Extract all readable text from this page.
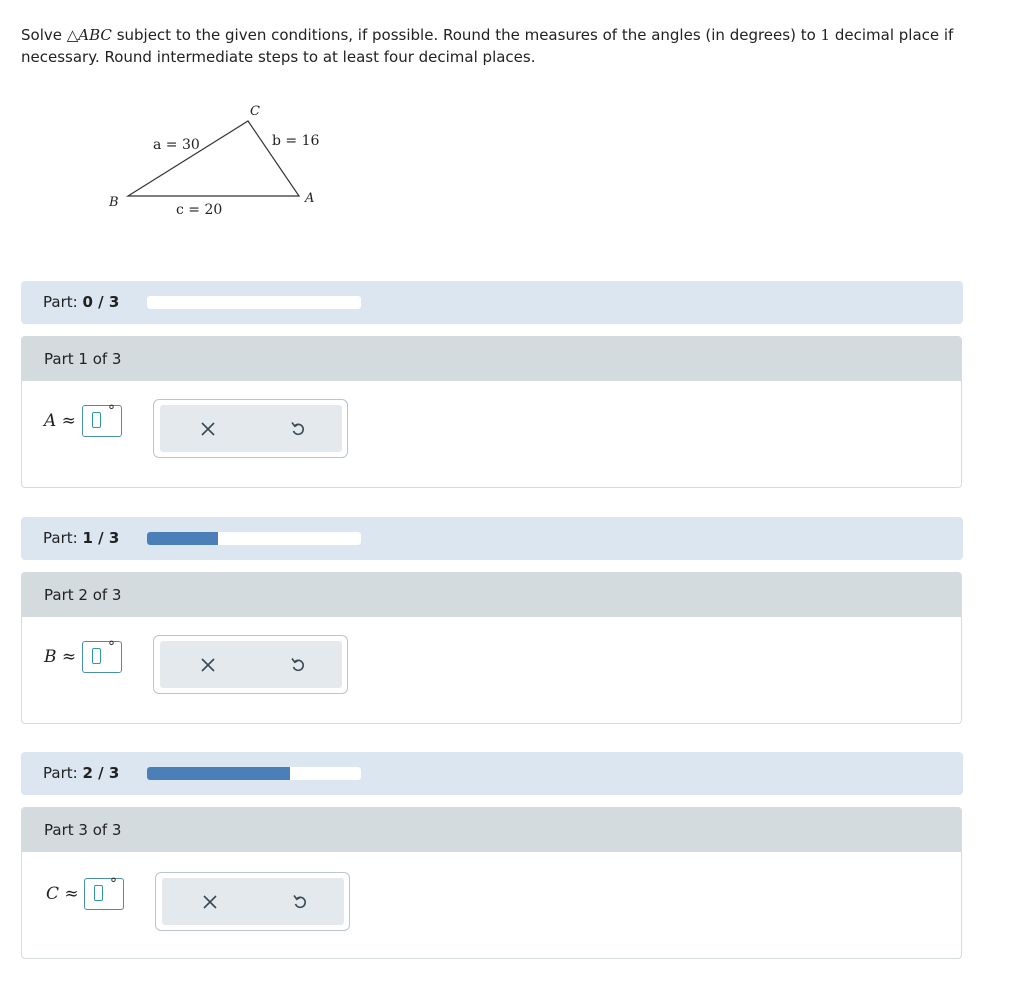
Solve △ABC subject to the given conditions, if possible. Round the measures of the angles (in degrees) to 1 decimal place if necessary. Round intermediate steps to at least four decimal places.
C
B	A
a = 30	b = 16
c = 20
Part: 0 / 3
Part 1 of 3
A ≈ °
Part: 1 / 3
Part 2 of 3
B ≈ °
Part: 2 / 3
Part 3 of 3
C ≈ °
